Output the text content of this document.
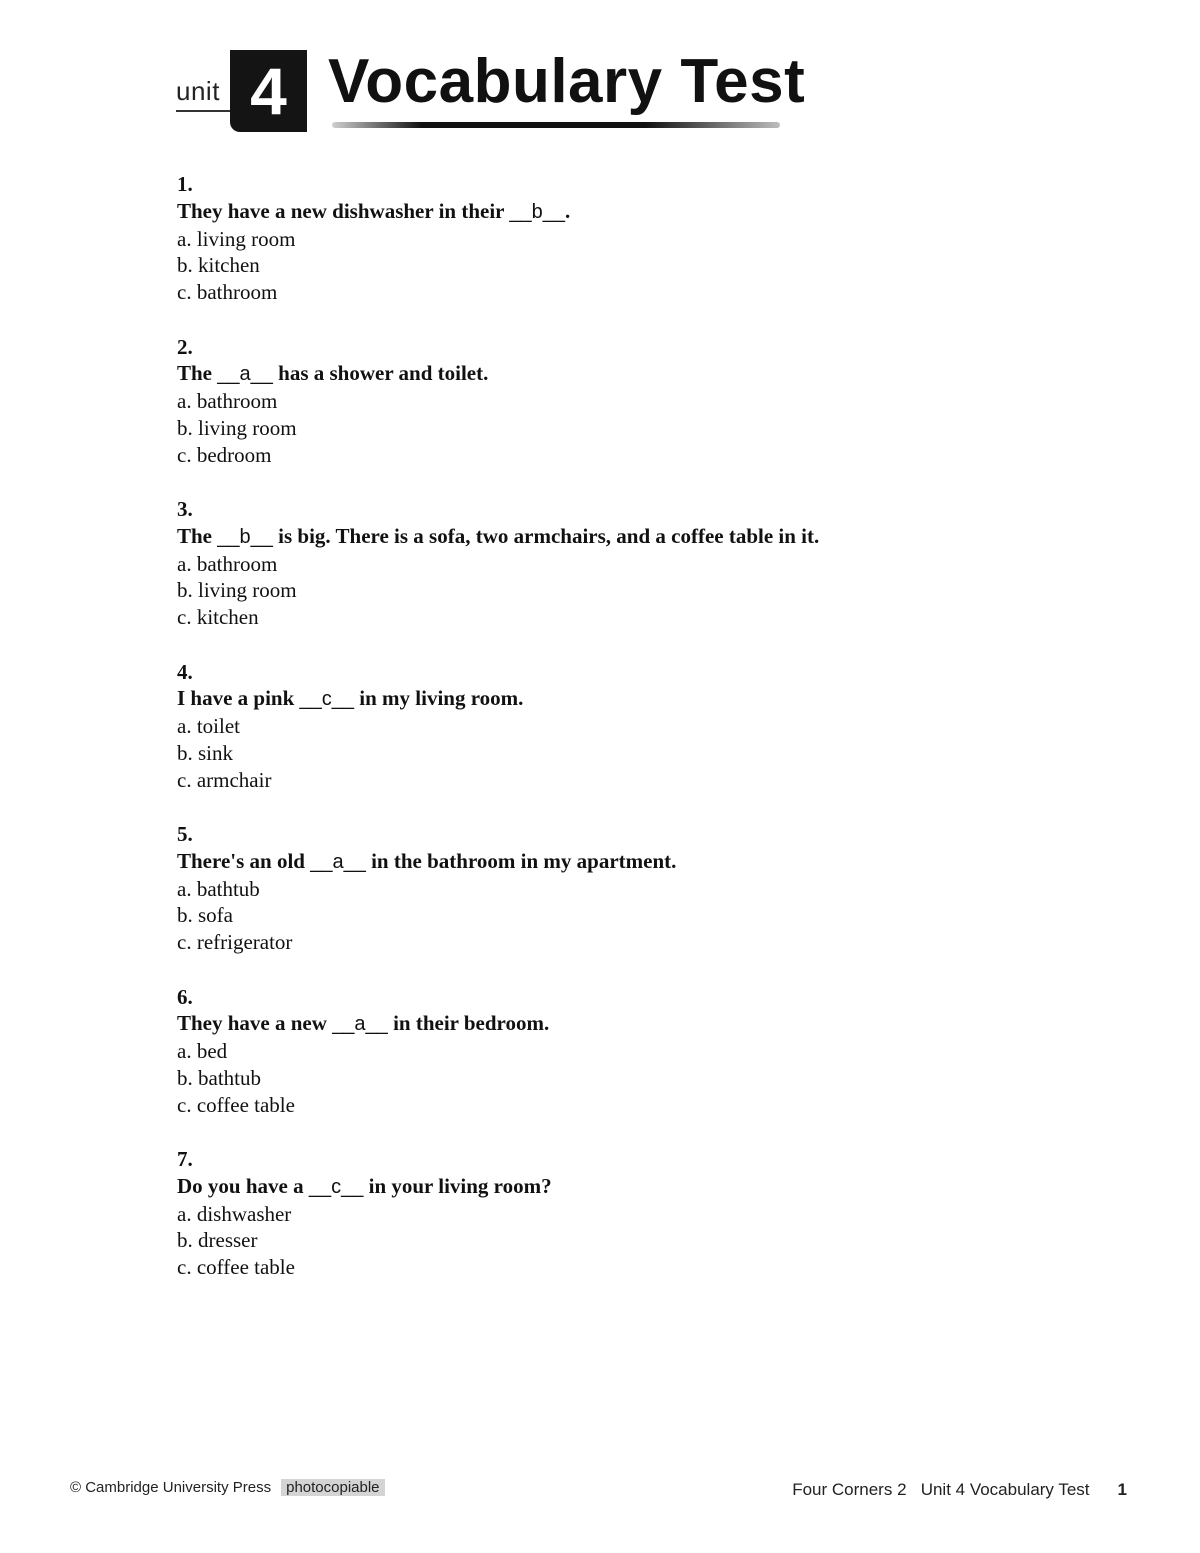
unit 4 Vocabulary Test
1.
They have a new dishwasher in their __b__.
a. living room
b. kitchen
c. bathroom
2.
The __a__ has a shower and toilet.
a. bathroom
b. living room
c. bedroom
3.
The __b__ is big. There is a sofa, two armchairs, and a coffee table in it.
a. bathroom
b. living room
c. kitchen
4.
I have a pink __c__ in my living room.
a. toilet
b. sink
c. armchair
5.
There's an old __a__ in the bathroom in my apartment.
a. bathtub
b. sofa
c. refrigerator
6.
They have a new __a__ in their bedroom.
a. bed
b. bathtub
c. coffee table
7.
Do you have a __c__ in your living room?
a. dishwasher
b. dresser
c. coffee table
© Cambridge University Press photocopiable	Four Corners 2   Unit 4 Vocabulary Test 1
